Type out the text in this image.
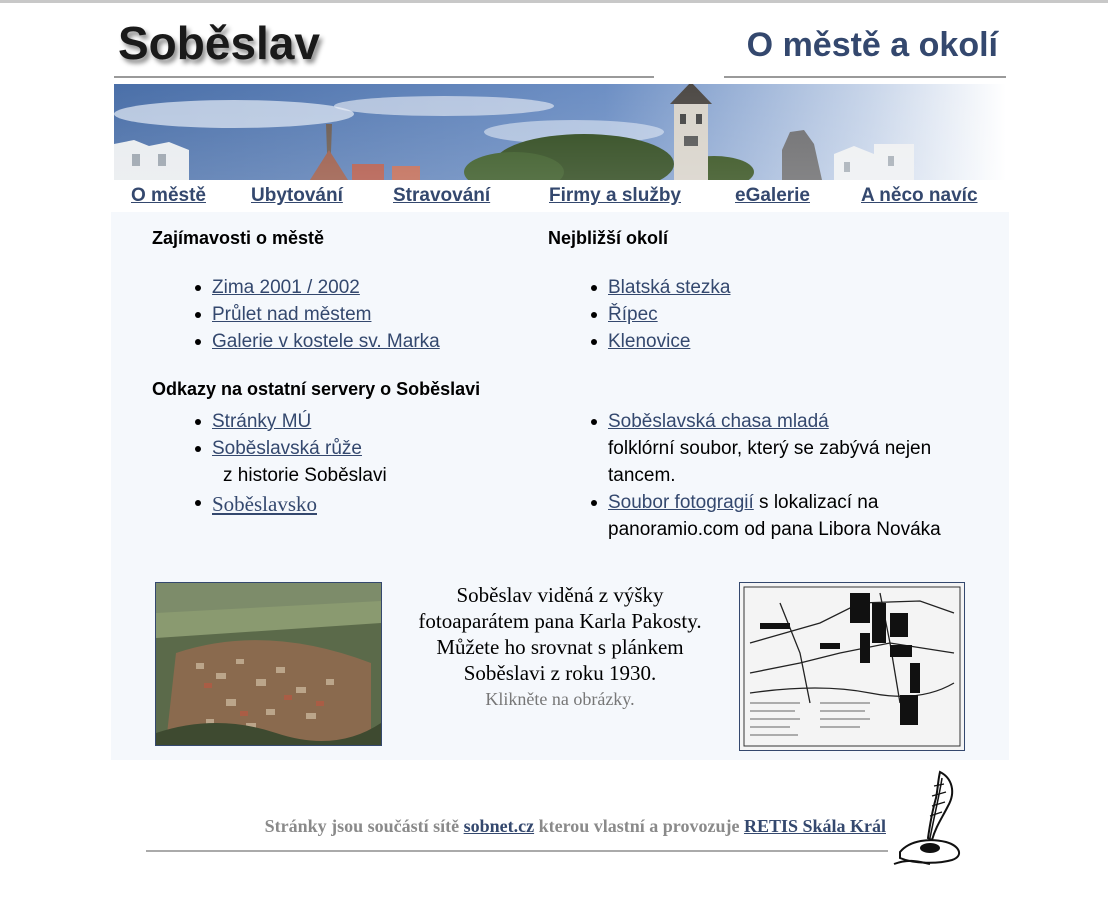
Soběslav	O městě a okolí
O městě Ubytování	Stravování	Firmy a služby	eGalerie	A něco navíc
Zajímavosti o městě
Zima 2001 / 2002
Průlet nad městem
Galerie v kostele sv. Marka
Nejbližší okolí
Blatská stezka
Řípec
Klenovice
Odkazy na ostatní servery o Soběslavi
Stránky MÚ
Soběslavská růže
z historie Soběslavi
Soběslavsko
Soběslavská chasa mladá
folklórní soubor, který se zabývá nejen tancem.
Soubor fotogragií s lokalizací na panoramio.com od pana Libora Nováka
Soběslav viděná z výšky
fotoaparátem pana Karla Pakosty.
Můžete ho srovnat s plánkem
Soběslavi z roku 1930.
Klikněte na obrázky.
Stránky jsou součástí sítě sobnet.cz kterou vlastní a provozuje RETIS Skála Král
